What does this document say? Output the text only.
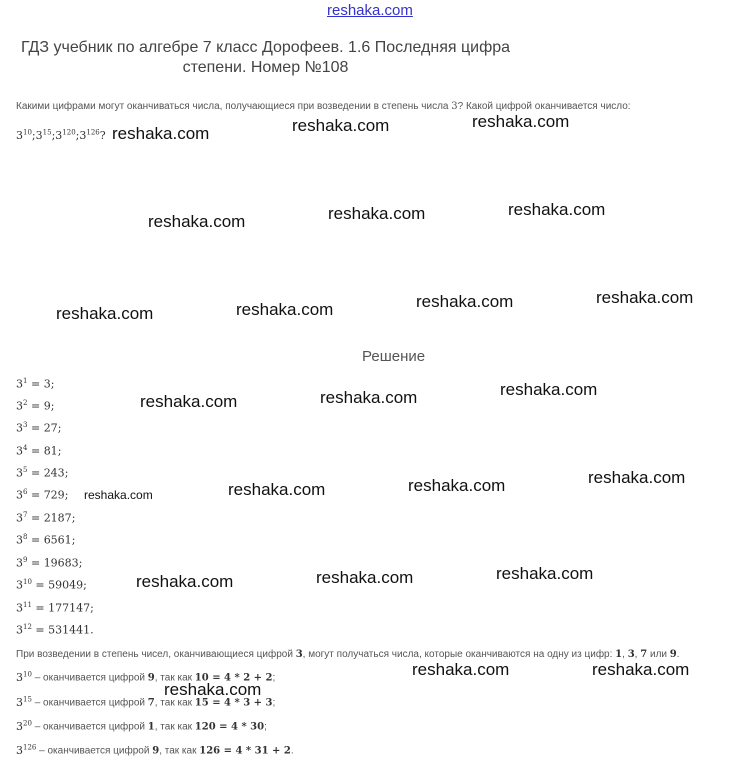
reshaka.com
ГДЗ учебник по алгебре 7 класс Дорофеев. 1.6 Последняя цифра степени. Номер №108
Какими цифрами могут оканчиваться числа, получающиеся при возведении в степень числа 3? Какой цифрой оканчивается число:
$3^{10};3^{15};3^{120};3^{126}$? reshaka.com	reshaka.com	reshaka.com
reshaka.com	reshaka.com	reshaka.com
reshaka.com	reshaka.com	reshaka.com	reshaka.com
reshaka.com	reshaka.com	reshaka.com
reshaka.com	reshaka.com	reshaka.com	reshaka.com
reshaka.com	reshaka.com	reshaka.com
reshaka.com	reshaka.com
reshaka.com
Решение
$3^1 = 3$;
$3^2 = 9$;
$3^3 = 27$;
$3^4 = 81$;
$3^5 = 243$;
$3^6 = 729$;
$3^7 = 2187$;
$3^8 = 6561$;
$3^9 = 19683$;
$3^{10} = 59049$;
$3^{11} = 177147$;
$3^{12} = 531441$.
При возведении в степень чисел, оканчивающиеся цифрой 3, могут получаться числа, которые оканчиваются на одну из цифр: 1, 3, 7 или 9.
$3^{10}$ – оканчивается цифрой 9, так как 10 = 4 * 2 + 2;
$3^{15}$ – оканчивается цифрой 7, так как 15 = 4 * 3 + 3;
$3^{20}$ – оканчивается цифрой 1, так как 120 = 4 * 30;
$3^{126}$ – оканчивается цифрой 9, так как 126 = 4 * 31 + 2.
